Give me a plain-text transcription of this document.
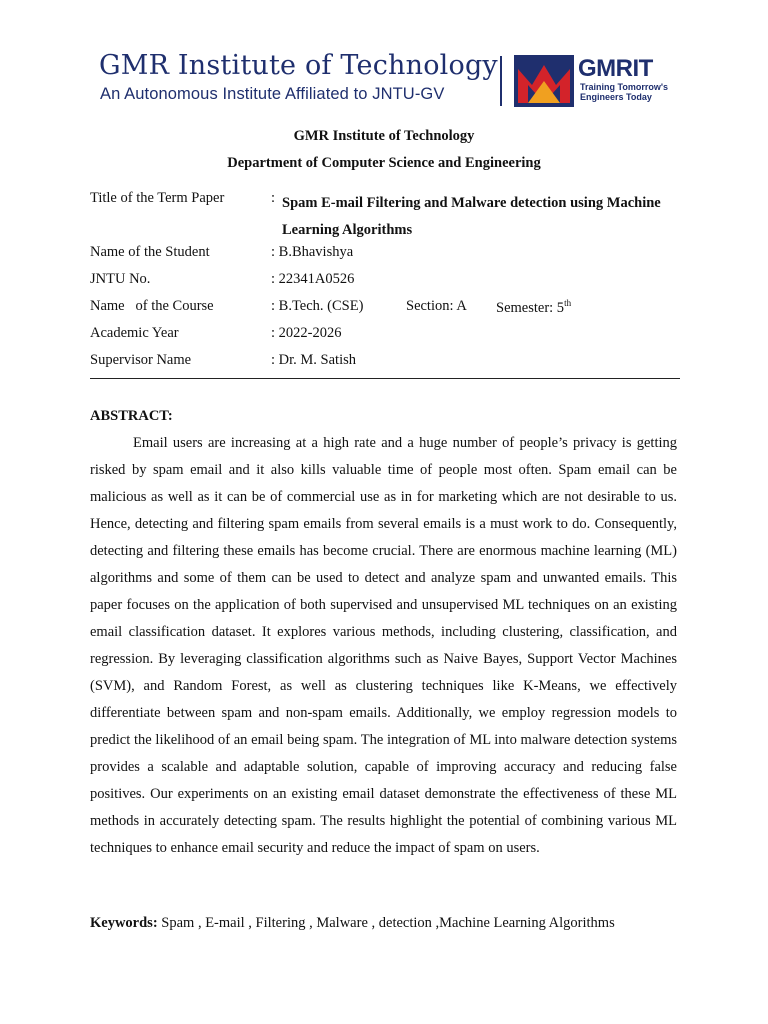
GMR Institute of Technology
An Autonomous Institute Affiliated to JNTU-GV
GMRIT
Training Tomorrow's
Engineers Today
GMR Institute of Technology
Department of Computer Science and Engineering
Title of the Term Paper	: Spam E-mail Filtering and Malware detection using Machine Learning Algorithms
Name of the Student	: B.Bhavishya
JNTU No.	: 22341A0526
Name   of the Course	: B.Tech. (CSE)	Section: A Semester: 5th
Academic Year	: 2022-2026
Supervisor Name	: Dr. M. Satish
ABSTRACT:

Email users are increasing at a high rate and a huge number of people’s privacy is getting risked by spam email and it also kills valuable time of people most often. Spam email can be malicious as well as it can be of commercial use as in for marketing which are not desirable to us. Hence, detecting and filtering spam emails from several emails is a must work to do. Consequently, detecting and filtering these emails has become crucial. There are enormous machine learning (ML) algorithms and some of them can be used to detect and analyze spam and unwanted emails. This paper focuses on the application of both supervised and unsupervised ML techniques on an existing email classification dataset. It explores various methods, including clustering, classification, and regression. By leveraging classification algorithms such as Naive Bayes, Support Vector Machines (SVM), and Random Forest, as well as clustering techniques like K-Means, we effectively differentiate between spam and non-spam emails. Additionally, we employ regression models to predict the likelihood of an email being spam. The integration of ML into malware detection systems provides a scalable and adaptable solution, capable of improving accuracy and reducing false positives. Our experiments on an existing email dataset demonstrate the effectiveness of these ML methods in accurately detecting spam. The results highlight the potential of combining various ML techniques to enhance email security and reduce the impact of spam on users.

Keywords: Spam , E-mail , Filtering , Malware , detection ,Machine Learning Algorithms
